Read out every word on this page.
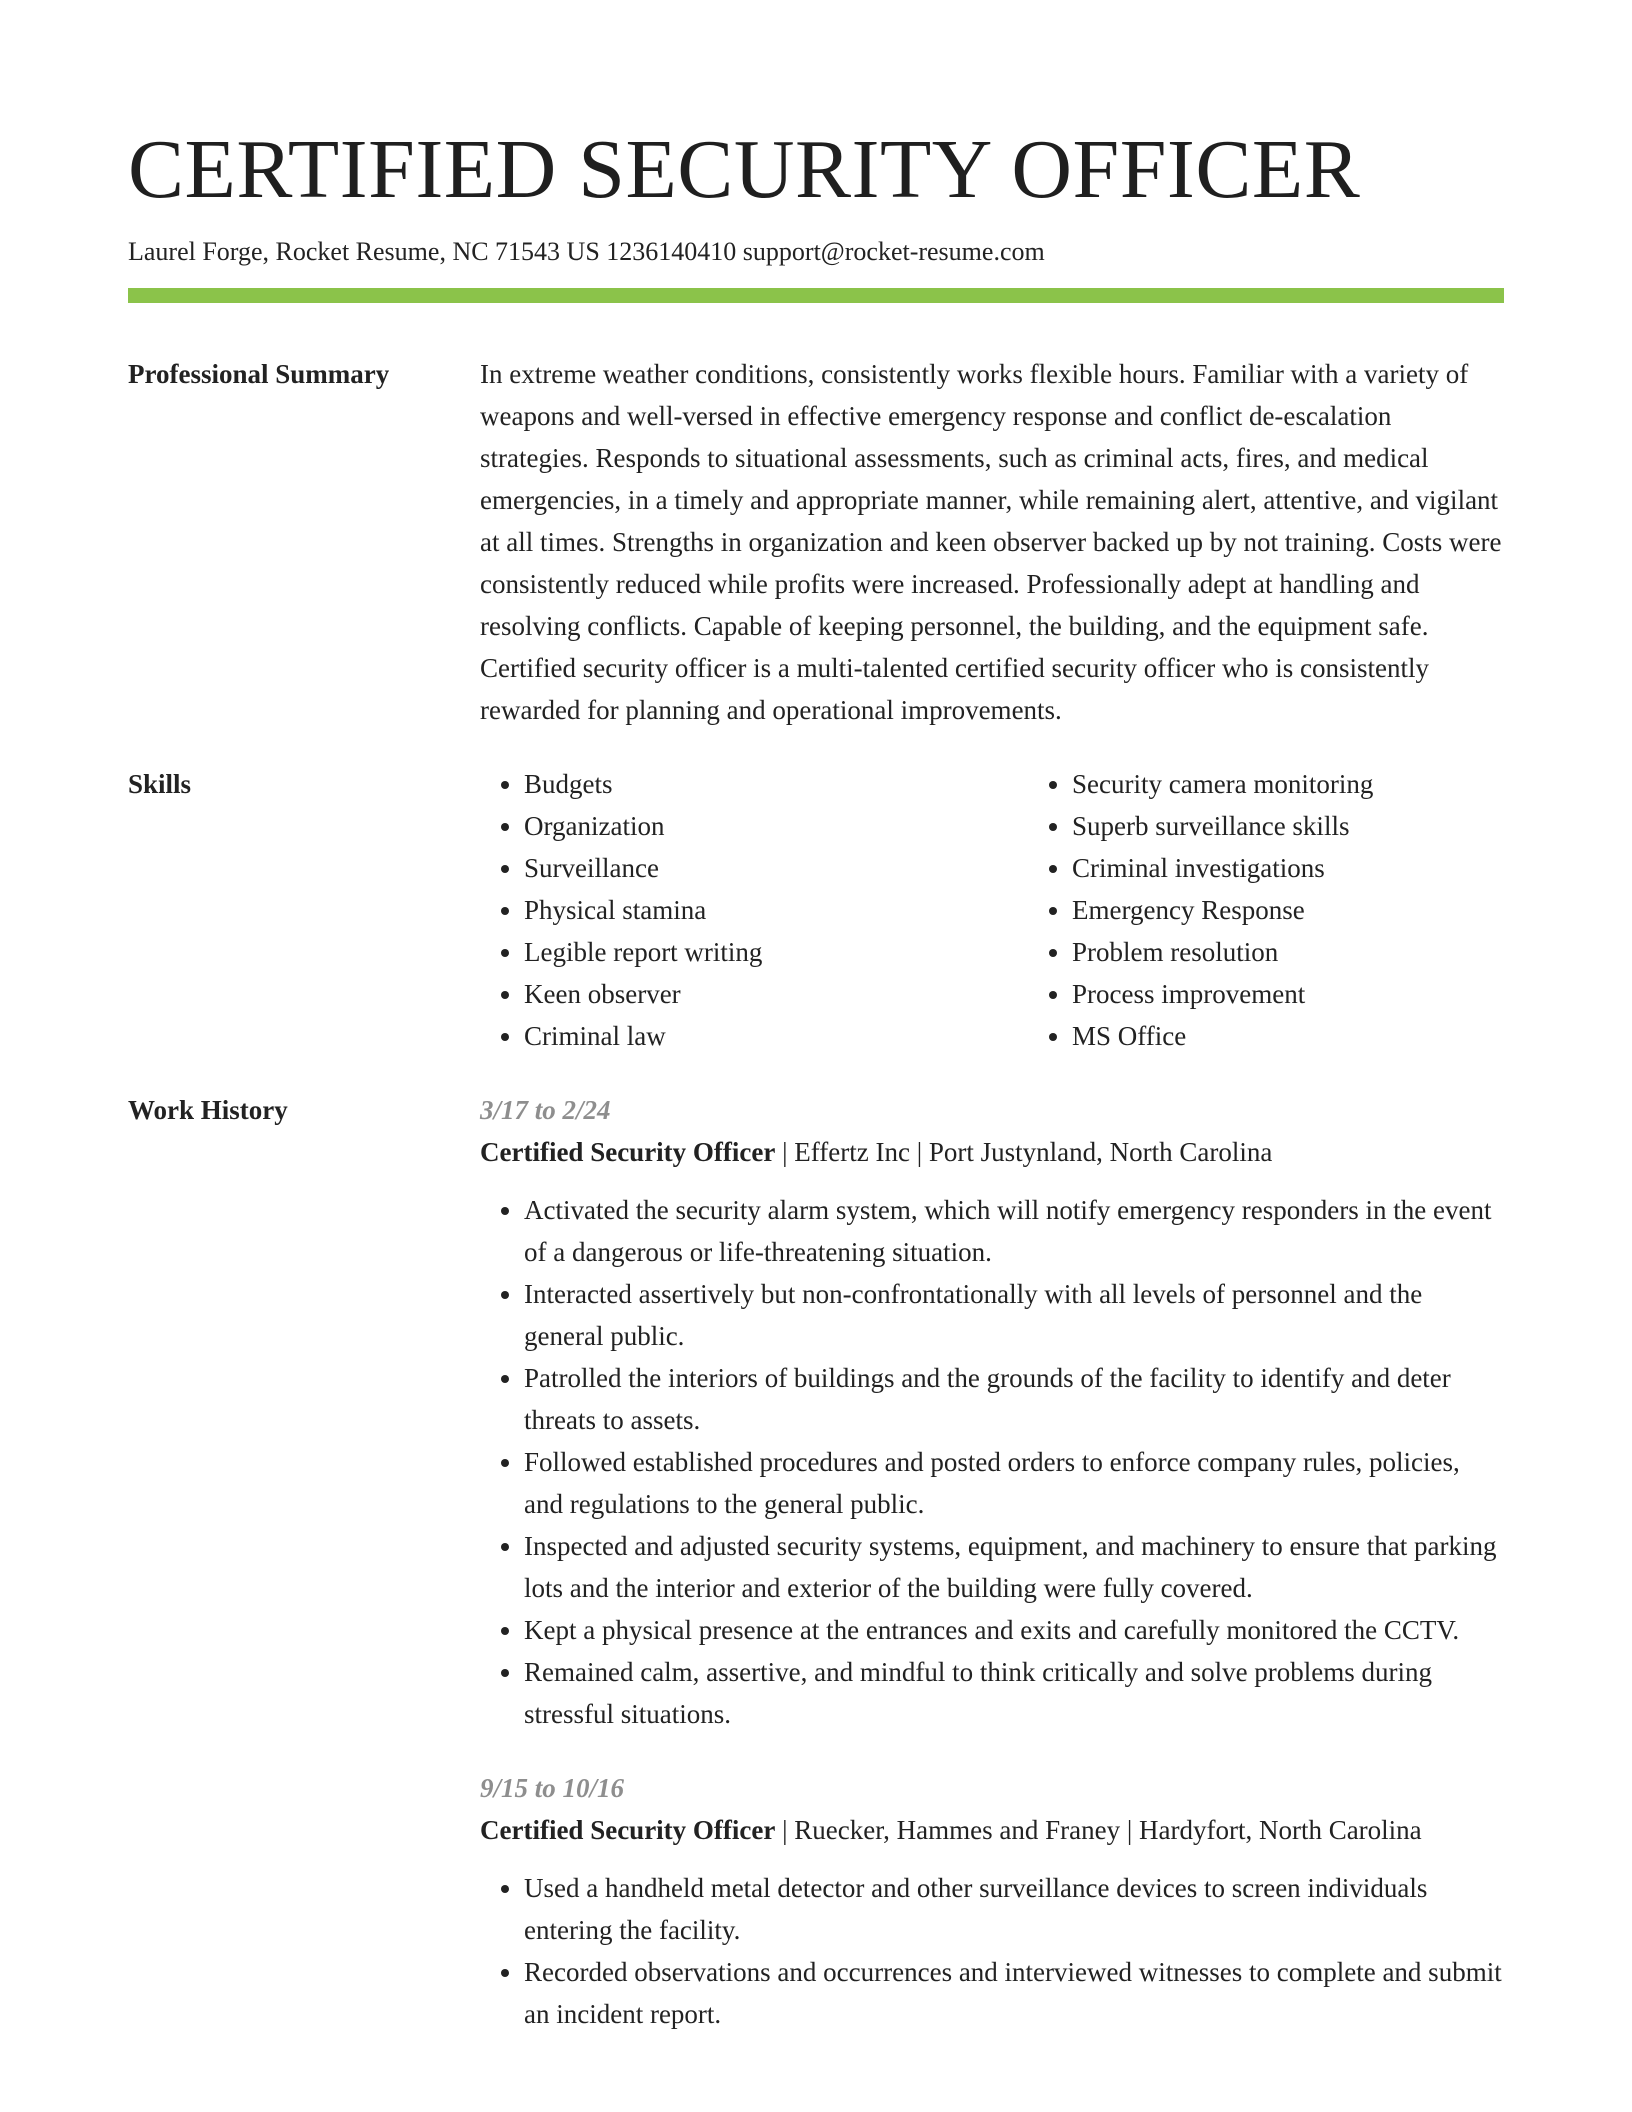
CERTIFIED SECURITY OFFICER
Laurel Forge, Rocket Resume, NC 71543 US 1236140410 support@rocket-resume.com
Professional Summary	In extreme weather conditions, consistently works flexible hours. Familiar with a variety of weapons and well-versed in effective emergency response and conflict de-escalation strategies. Responds to situational assessments, such as criminal acts, fires, and medical emergencies, in a timely and appropriate manner, while remaining alert, attentive, and vigilant at all times. Strengths in organization and keen observer backed up by not training. Costs were consistently reduced while profits were increased. Professionally adept at handling and resolving conflicts. Capable of keeping personnel, the building, and the equipment safe. Certified security officer is a multi-talented certified security officer who is consistently rewarded for planning and operational improvements.
Skills
•	Budgets
• Organization
• Surveillance
• Physical stamina
• Legible report writing
• Keen observer
• Criminal law
• Security camera monitoring
• Superb surveillance skills
• Criminal investigations
• Emergency Response
• Problem resolution
• Process improvement
• MS Office
Work History	3/17 to 2/24
Certified Security Officer | Effertz Inc | Port Justynland, North Carolina
• Activated the security alarm system, which will notify emergency responders in the event of a dangerous or life-threatening situation.
• Interacted assertively but non-confrontationally with all levels of personnel and the general public.
• Patrolled the interiors of buildings and the grounds of the facility to identify and deter threats to assets.
• Followed established procedures and posted orders to enforce company rules, policies, and regulations to the general public.
• Inspected and adjusted security systems, equipment, and machinery to ensure that parking lots and the interior and exterior of the building were fully covered.
• Kept a physical presence at the entrances and exits and carefully monitored the CCTV.
• Remained calm, assertive, and mindful to think critically and solve problems during stressful situations.
9/15 to 10/16
Certified Security Officer | Ruecker, Hammes and Franey | Hardyfort, North Carolina
• Used a handheld metal detector and other surveillance devices to screen individuals entering the facility.
• Recorded observations and occurrences and interviewed witnesses to complete and submit an incident report.
